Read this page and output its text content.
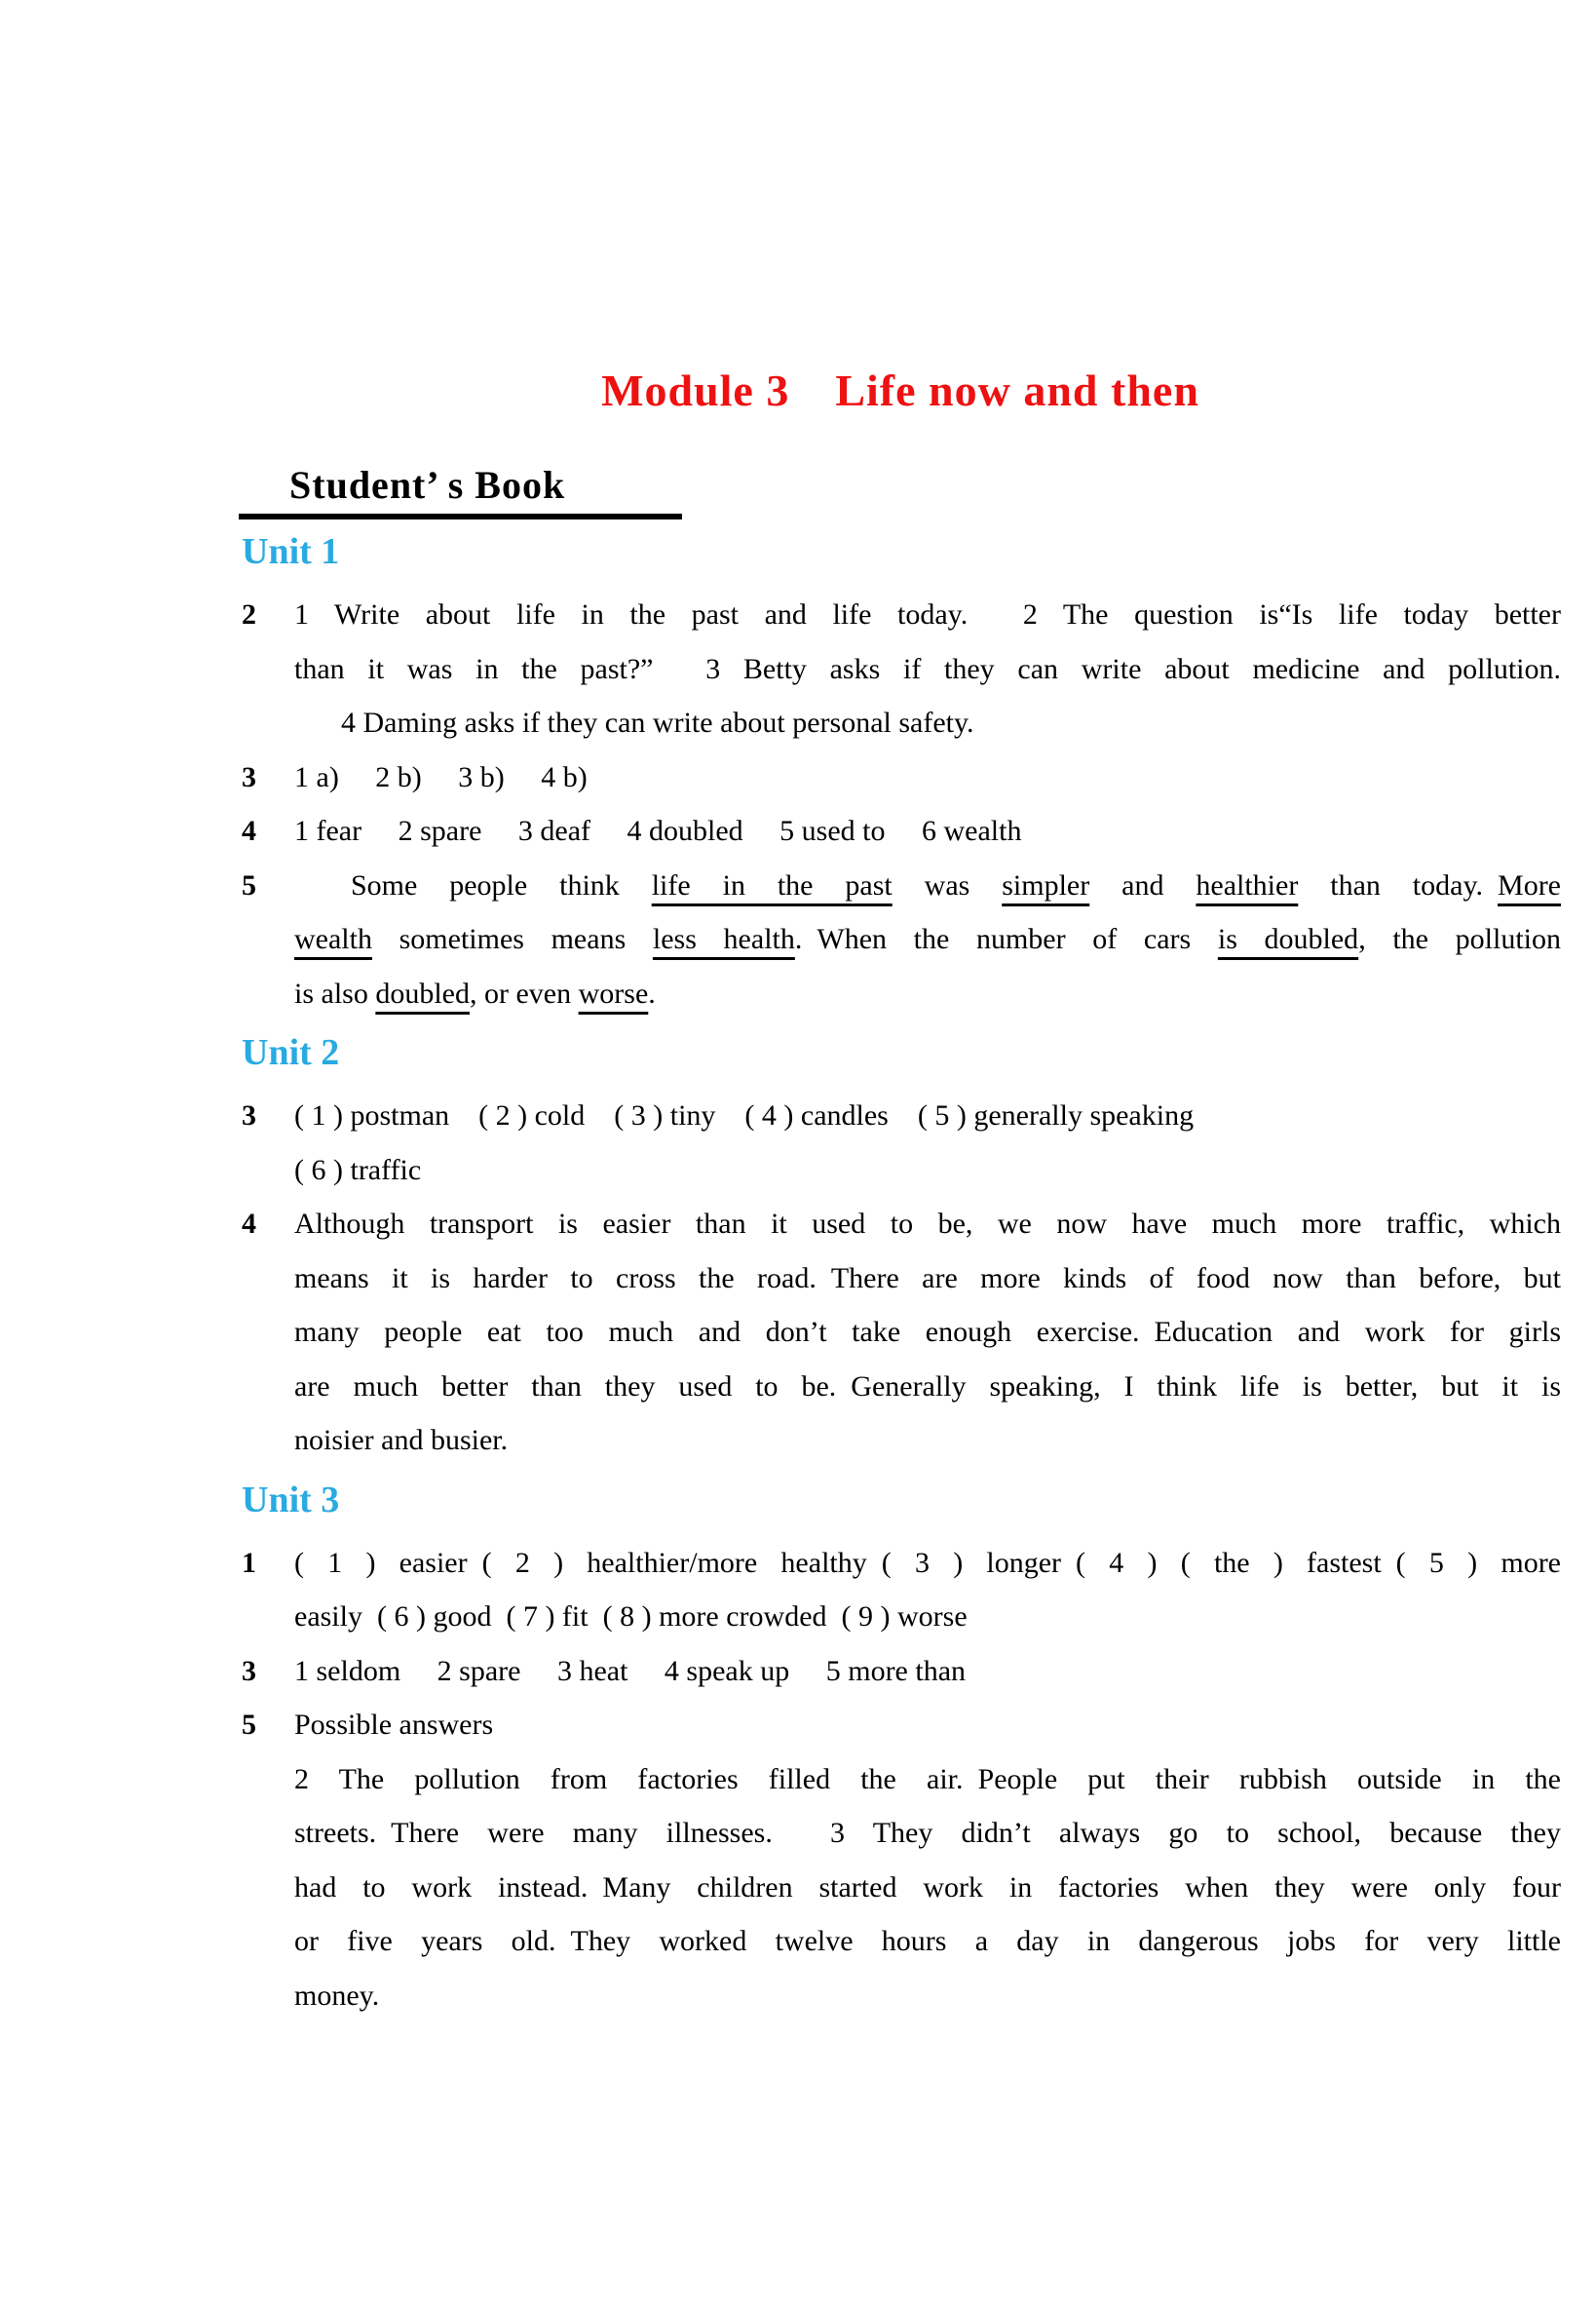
Module 3 Life now and then
Student’ s Book
Unit 1
2	1 Write about life in the past and life today.  2 The question is“Is life today better
than it was in the past?”  3 Betty asks if they can write about medicine and pollution.
4 Daming asks if they can write about personal safety.
3	1 a)  2 b)  3 b)  4 b)
4	1 fear  2 spare  3 deaf  4 doubled  5 used to  6 wealth
5	Some people think life in the past was simpler and healthier than today. More
wealth sometimes means less health. When the number of cars is doubled, the pollution
is also doubled, or even worse.
Unit 2
3	( 1 ) postman ( 2 ) cold ( 3 ) tiny ( 4 ) candles ( 5 ) generally speaking
( 6 ) traffic
4	Although transport is easier than it used to be, we now have much more traffic, which
means it is harder to cross the road. There are more kinds of food now than before, but
many people eat too much and don’t take enough exercise. Education and work for girls
are much better than they used to be. Generally speaking, I think life is better, but it is
noisier and busier.
Unit 3
1	( 1 ) easier ( 2 ) healthier/more healthy ( 3 ) longer ( 4 ) ( the ) fastest ( 5 ) more
easily ( 6 ) good ( 7 ) fit ( 8 ) more crowded ( 9 ) worse
3	1 seldom  2 spare  3 heat  4 speak up  5 more than
5	Possible answers
2 The pollution from factories filled the air. People put their rubbish outside in the
streets. There were many illnesses.  3 They didn’t always go to school, because they
had to work instead. Many children started work in factories when they were only four
or five years old. They worked twelve hours a day in dangerous jobs for very little
money.
